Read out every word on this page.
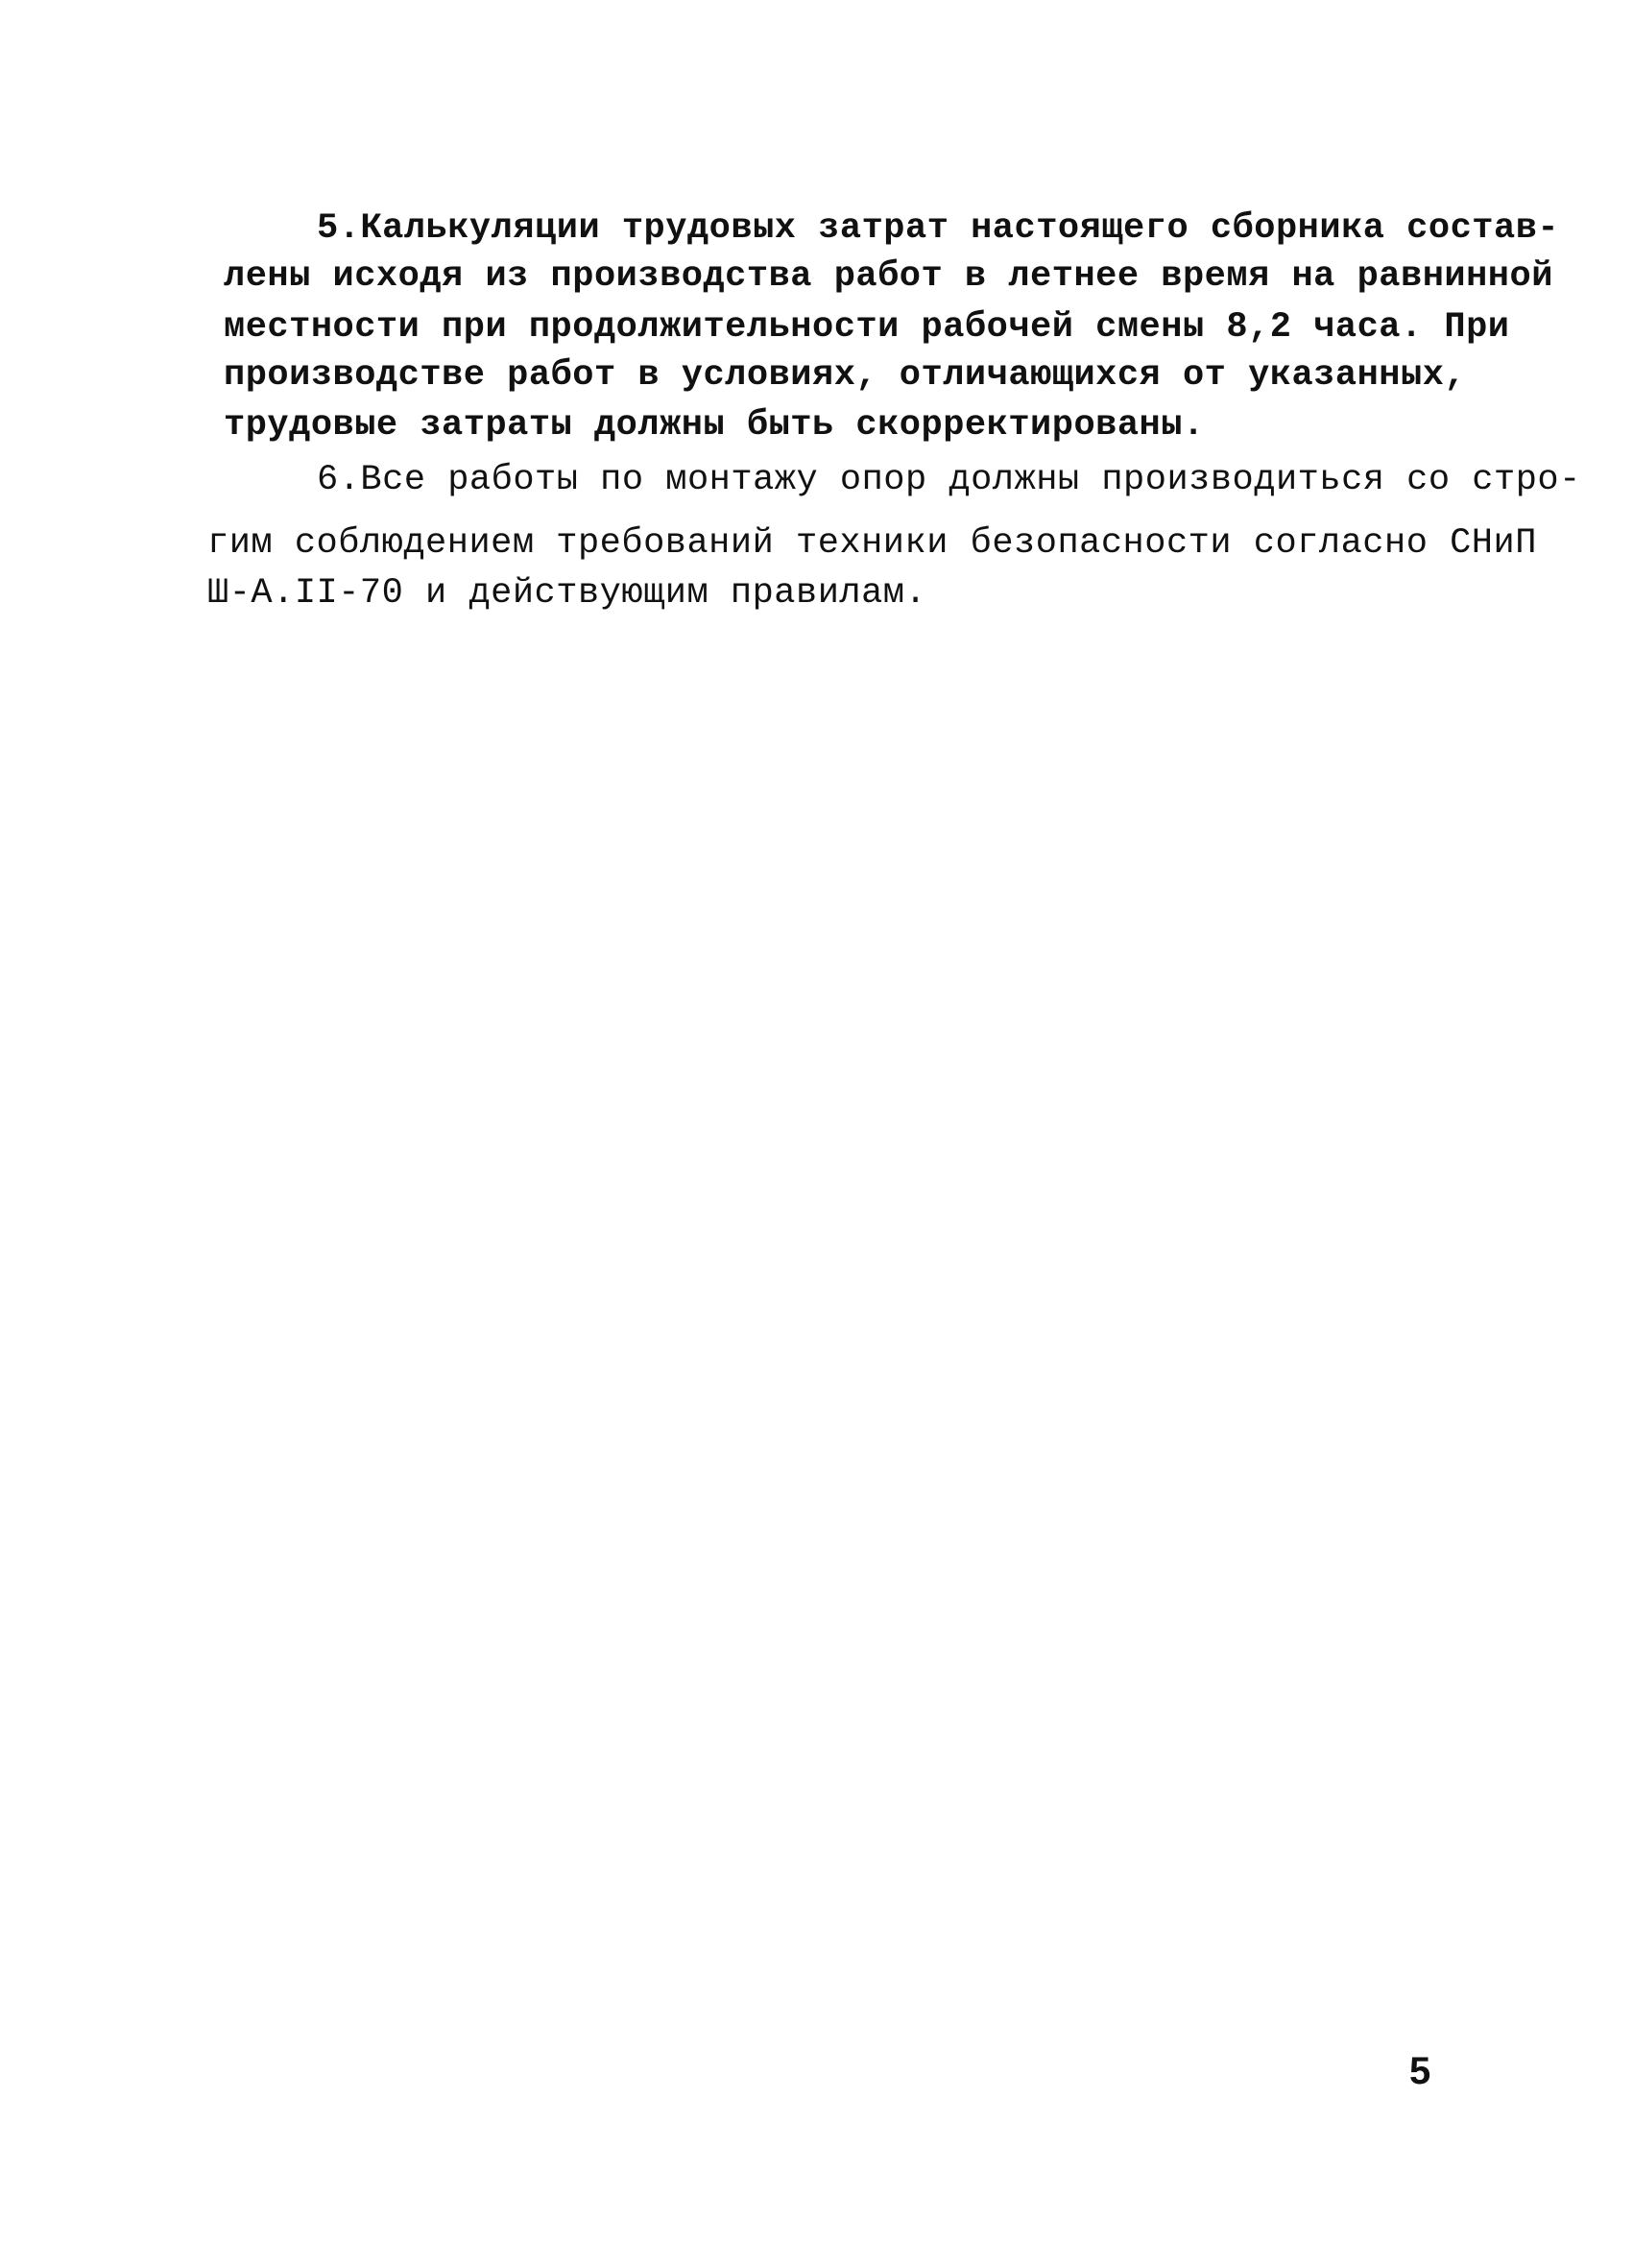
5.Калькуляции трудовых затрат настоящего сборника состав-
лены исходя из производства работ в летнее время на равнинной
местности при продолжительности рабочей смены 8,2 часа. При
производстве работ в условиях, отличающихся от указанных,
трудовые затраты должны быть скорректированы.
6.Все работы по монтажу опор должны производиться со стро-
гим соблюдением требований техники безопасности согласно СНиП
Ш-А.II-70 и действующим правилам.
5
